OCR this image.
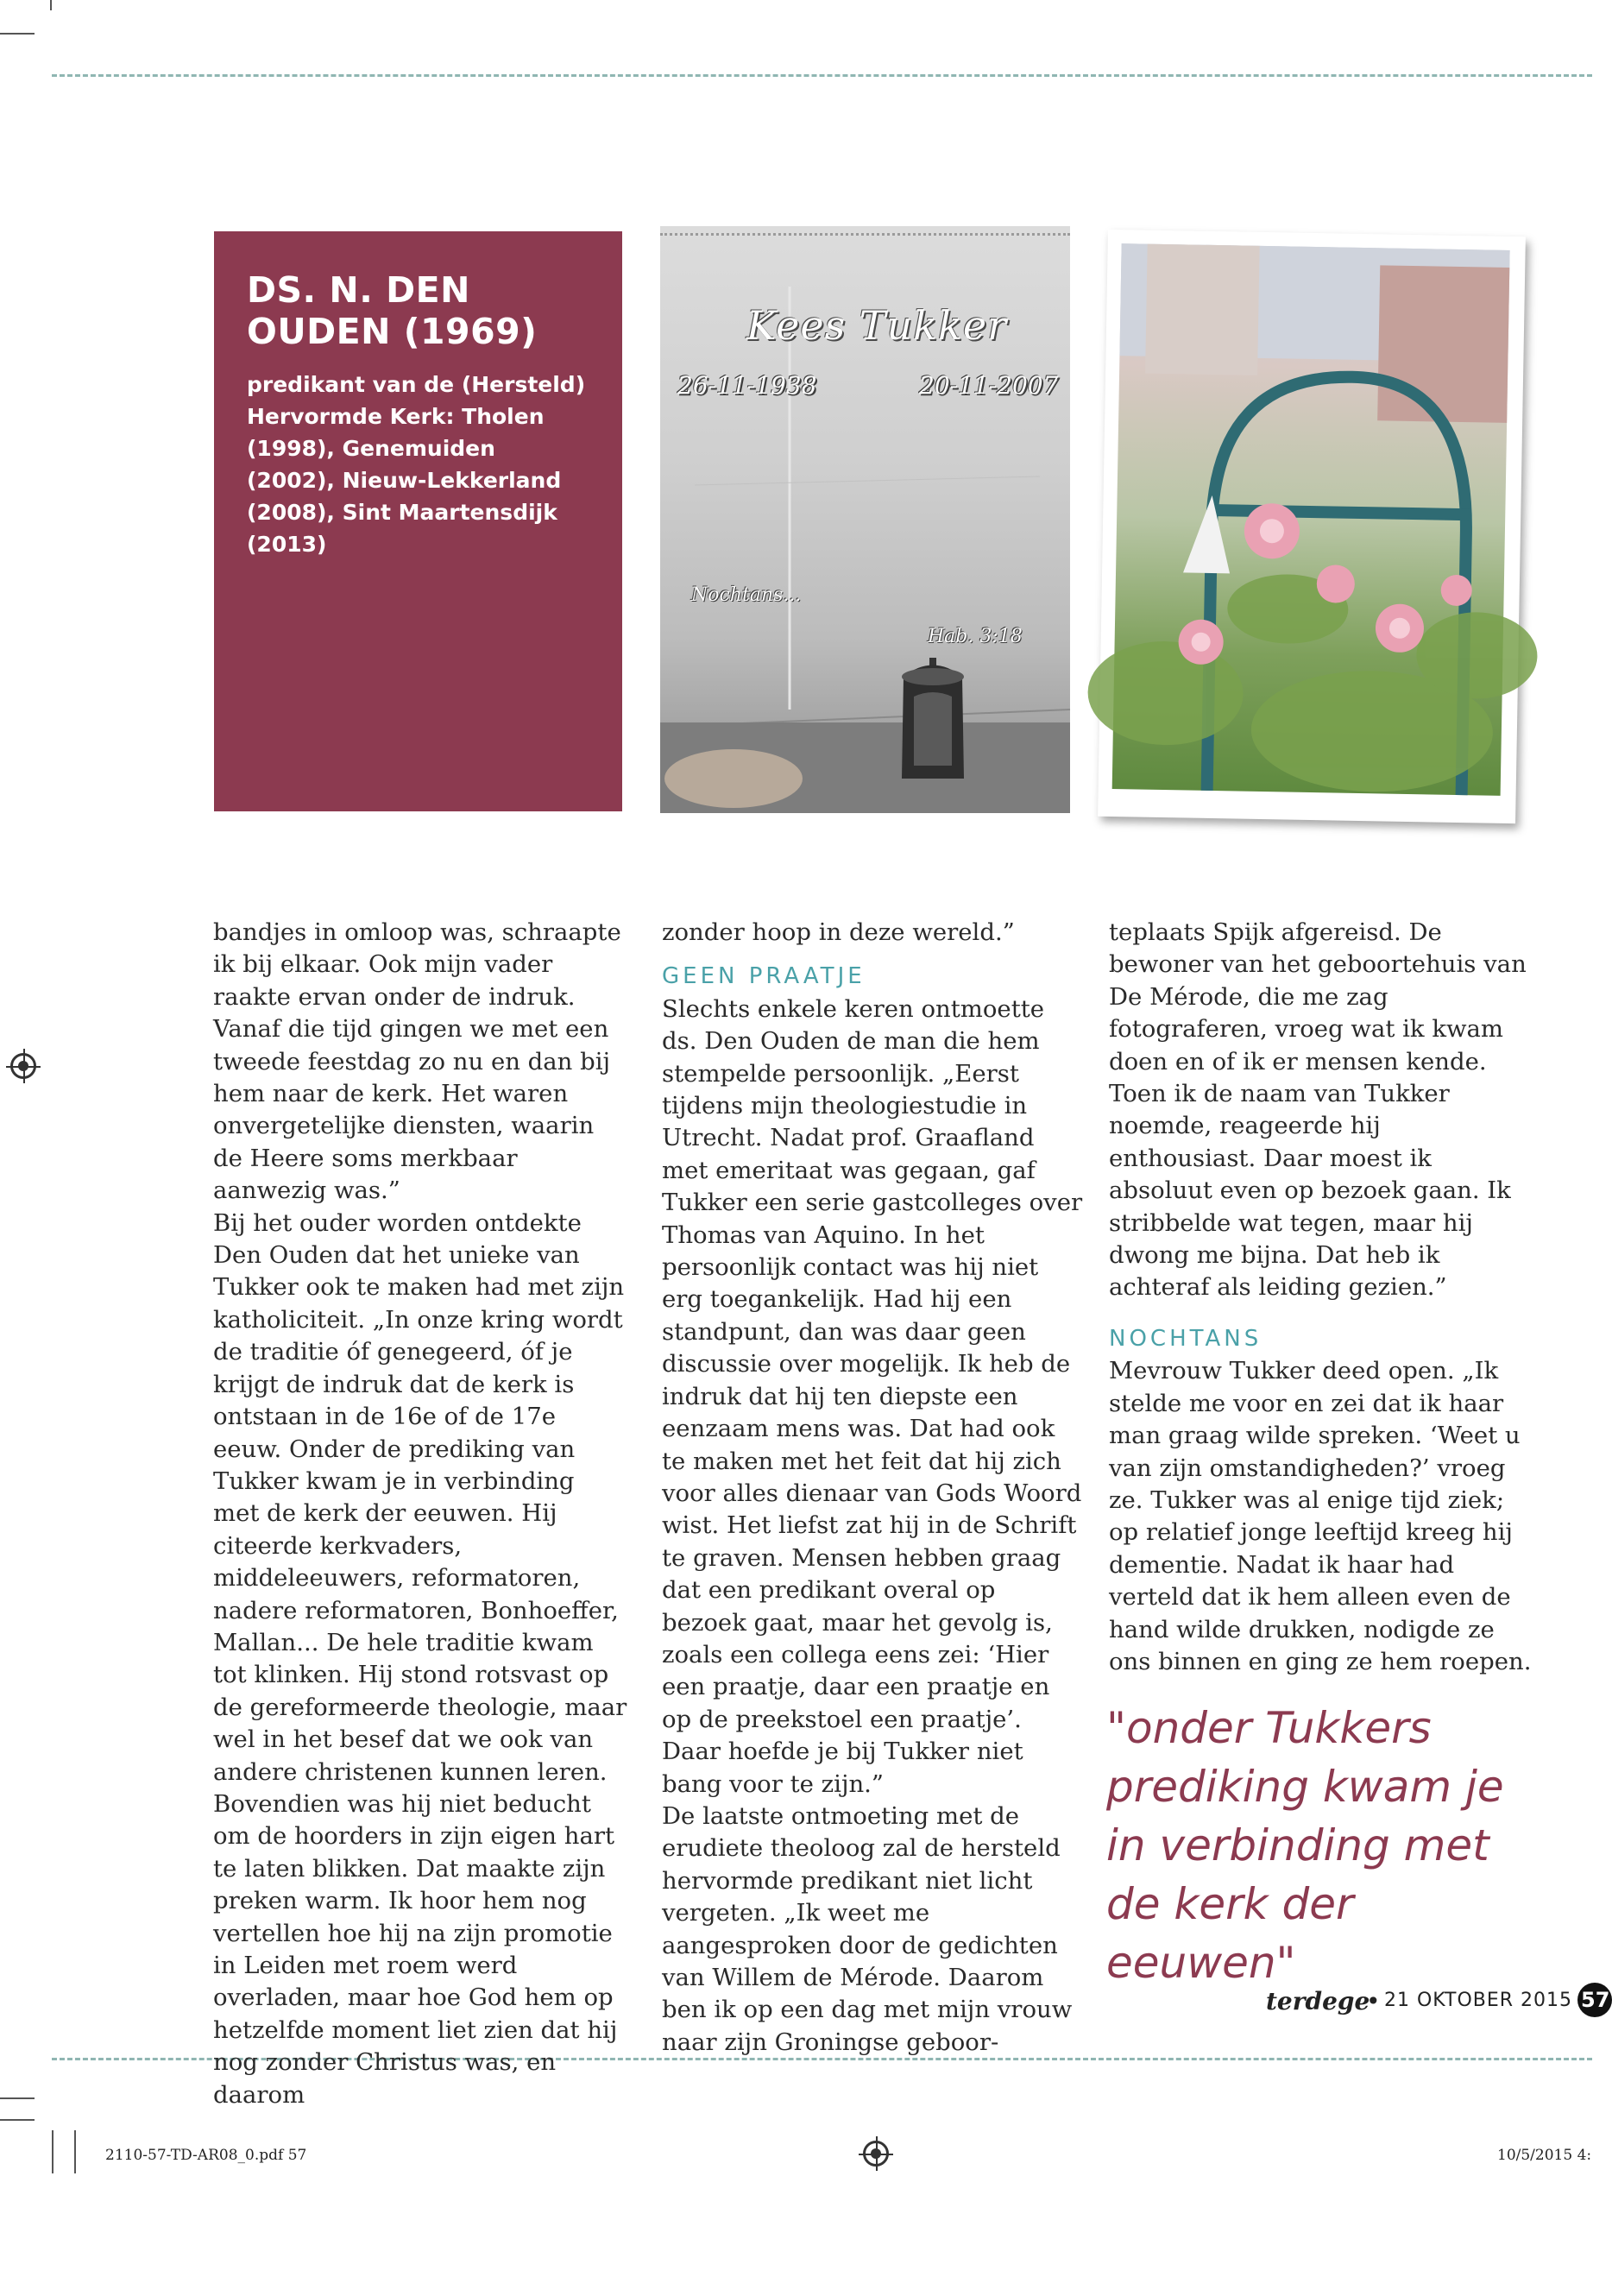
DS. N. DEN OUDEN (1969)

predikant van de (Hersteld) Hervormde Kerk: Tholen (1998), Genemuiden (2002), Nieuw-Lekkerland (2008), Sint Maartensdijk (2013)

Kees Tukker
26-11-1938	20-11-2007
Nochtans...
Hab. 3:18

bandjes in omloop was, schraapte ik bij elkaar. Ook mijn vader raakte ervan onder de indruk. Vanaf die tijd gingen we met een tweede feestdag zo nu en dan bij hem naar de kerk. Het waren onvergetelijke diensten, waarin de Heere soms merkbaar aanwezig was.”

Bij het ouder worden ontdekte Den Ouden dat het unieke van Tukker ook te maken had met zijn katholiciteit. „In onze kring wordt de traditie óf genegeerd, óf je krijgt de indruk dat de kerk is ontstaan in de 16e of de 17e eeuw. Onder de prediking van Tukker kwam je in verbinding met de kerk der eeuwen. Hij citeerde kerkvaders, middeleeuwers, reformatoren, nadere reformatoren, Bonhoeffer, Mallan... De hele traditie kwam tot klinken. Hij stond rotsvast op de gereformeerde theologie, maar wel in het besef dat we ook van andere christenen kunnen leren. Bovendien was hij niet beducht om de hoorders in zijn eigen hart te laten blikken. Dat maakte zijn preken warm. Ik hoor hem nog vertellen hoe hij na zijn promotie in Leiden met roem werd overladen, maar hoe God hem op hetzelfde moment liet zien dat hij nog zonder Christus was, en daarom

zonder hoop in deze wereld.”

GEEN PRAATJE

Slechts enkele keren ontmoette ds. Den Ouden de man die hem stempelde persoonlijk. „Eerst tijdens mijn theologiestudie in Utrecht. Nadat prof. Graafland met emeritaat was gegaan, gaf Tukker een serie gastcolleges over Thomas van Aquino. In het persoonlijk contact was hij niet erg toegankelijk. Had hij een standpunt, dan was daar geen discussie over mogelijk. Ik heb de indruk dat hij ten diepste een eenzaam mens was. Dat had ook te maken met het feit dat hij zich voor alles dienaar van Gods Woord wist. Het liefst zat hij in de Schrift te graven. Mensen hebben graag dat een predikant overal op bezoek gaat, maar het gevolg is, zoals een collega eens zei: ‘Hier een praatje, daar een praatje en op de preekstoel een praatje’. Daar hoefde je bij Tukker niet bang voor te zijn.”

De laatste ontmoeting met de erudiete theoloog zal de hersteld hervormde predikant niet licht vergeten. „Ik weet me aangesproken door de gedichten van Willem de Mérode. Daarom ben ik op een dag met mijn vrouw naar zijn Groningse geboor-

teplaats Spijk afgereisd. De bewoner van het geboortehuis van De Mérode, die me zag fotograferen, vroeg wat ik kwam doen en of ik er mensen kende. Toen ik de naam van Tukker noemde, reageerde hij enthousiast. Daar moest ik absoluut even op bezoek gaan. Ik stribbelde wat tegen, maar hij dwong me bijna. Dat heb ik achteraf als leiding gezien.”

NOCHTANS

Mevrouw Tukker deed open. „Ik stelde me voor en zei dat ik haar man graag wilde spreken. ‘Weet u van zijn omstandigheden?’ vroeg ze. Tukker was al enige tijd ziek; op relatief jonge leeftijd kreeg hij dementie. Nadat ik haar had verteld dat ik hem alleen even de hand wilde drukken, nodigde ze ons binnen en ging ze hem roepen.

"onder Tukkers prediking kwam je in verbinding met de kerk der eeuwen"
terdege
• 21 OKTOBER 2015 57
2110-57-TD-AR08_0.pdf 57	10/5/2015 4:
